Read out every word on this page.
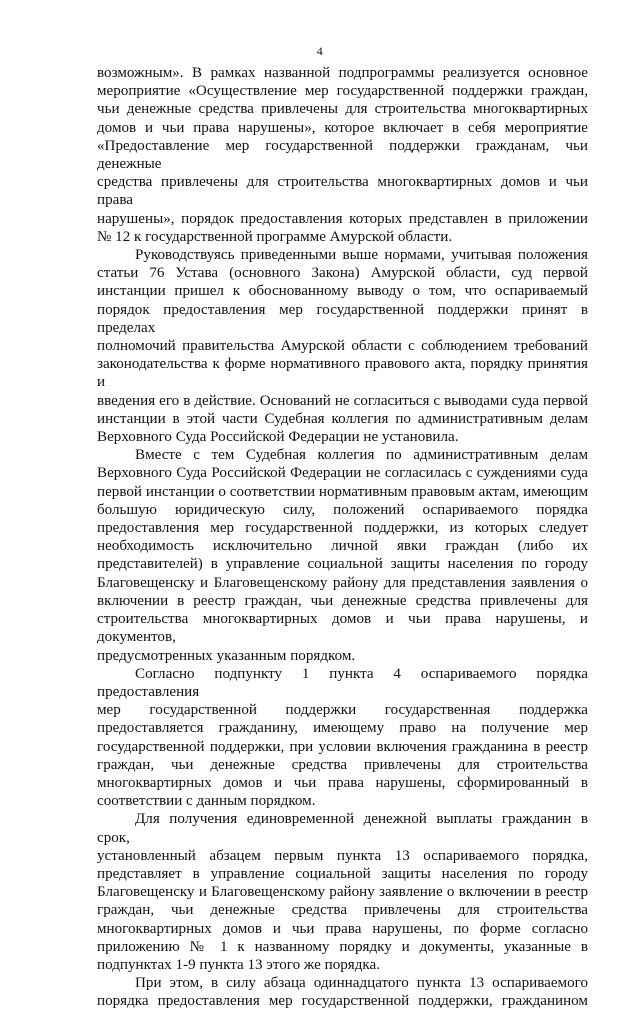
4

возможным». В рамках названной подпрограммы реализуется основное

мероприятие «Осуществление мер государственной поддержки граждан,

чьи денежные средства привлечены для строительства многоквартирных

домов и чьи права нарушены», которое включает в себя мероприятие

«Предоставление мер государственной поддержки гражданам, чьи денежные

средства привлечены для строительства многоквартирных домов и чьи права

нарушены», порядок предоставления которых представлен в приложении

№ 12 к государственной программе Амурской области.

Руководствуясь приведенными выше нормами, учитывая положения

статьи 76 Устава (основного Закона) Амурской области, суд первой

инстанции пришел к обоснованному выводу о том, что оспариваемый

порядок предоставления мер государственной поддержки принят в пределах

полномочий правительства Амурской области с соблюдением требований

законодательства к форме нормативного правового акта, порядку принятия и

введения его в действие. Оснований не согласиться с выводами суда первой

инстанции в этой части Судебная коллегия по административным делам

Верховного Суда Российской Федерации не установила.

Вместе с тем Судебная коллегия по административным делам

Верховного Суда Российской Федерации не согласилась с суждениями суда

первой инстанции о соответствии нормативным правовым актам, имеющим

большую юридическую силу, положений оспариваемого порядка

предоставления мер государственной поддержки, из которых следует

необходимость исключительно личной явки граждан (либо их

представителей) в управление социальной защиты населения по городу

Благовещенску и Благовещенскому району для представления заявления о

включении в реестр граждан, чьи денежные средства привлечены для

строительства многоквартирных домов и чьи права нарушены, и документов,

предусмотренных указанным порядком.

Согласно подпункту 1 пункта 4 оспариваемого порядка предоставления

мер государственной поддержки государственная поддержка

предоставляется гражданину, имеющему право на получение мер

государственной поддержки, при условии включения гражданина в реестр

граждан, чьи денежные средства привлечены для строительства

многоквартирных домов и чьи права нарушены, сформированный в

соответствии с данным порядком.

Для получения единовременной денежной выплаты гражданин в срок,

установленный абзацем первым пункта 13 оспариваемого порядка,

представляет в управление социальной защиты населения по городу

Благовещенску и Благовещенскому району заявление о включении в реестр

граждан, чьи денежные средства привлечены для строительства

многоквартирных домов и чьи права нарушены, по форме согласно

приложению № 1 к названному порядку и документы, указанные в

подпунктах 1-9 пункта 13 этого же порядка.

При этом, в силу абзаца одиннадцатого пункта 13 оспариваемого

порядка предоставления мер государственной поддержки, гражданином
